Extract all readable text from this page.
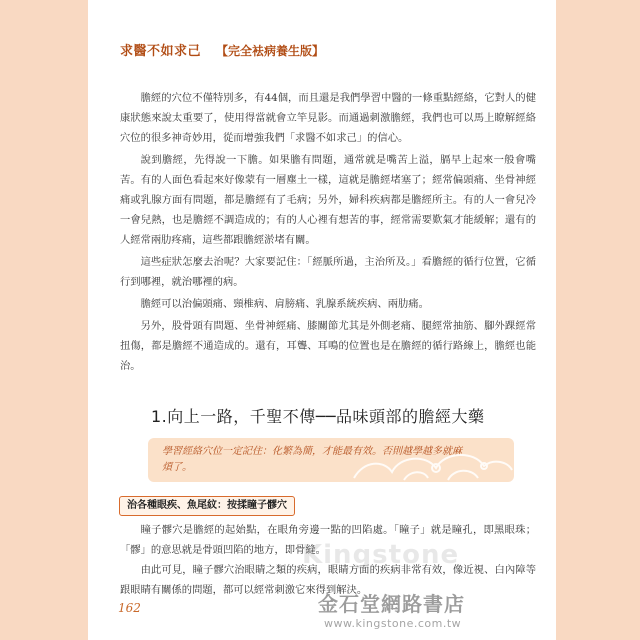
求醫不如求己 【完全袪病養生版】

膽經的穴位不僅特別多，有44個，而且還是我們學習中醫的一條重點經絡，它對人的健康狀態來說太重要了，使用得當就會立竿見影。而通過刺激膽經，我們也可以馬上瞭解經絡穴位的很多神奇妙用，從而增強我們「求醫不如求己」的信心。

說到膽經，先得說一下膽。如果膽有問題，通常就是嘴苦上溢，膈早上起來一般會嘴苦。有的人面色看起來好像蒙有一層塵土一樣，這就是膽經堵塞了；經常偏頭痛、坐骨神經痛或乳腺方面有問題，都是膽經有了毛病；另外，婦科疾病都是膽經所主。有的人一會兒冷一會兒熱，也是膽經不調造成的；有的人心裡有想苦的事，經常需要歎氣才能緩解；還有的人經常兩肋疼痛，這些都跟膽經淤堵有關。

這些症狀怎麼去治呢？大家要記住：「經脈所過，主治所及。」看膽經的循行位置，它循行到哪裡，就治哪裡的病。

膽經可以治偏頭痛、頸椎病、肩膀痛、乳腺系統疾病、兩肋痛。

另外，股骨頭有問題、坐骨神經痛、膝關節尤其是外側老痛、腿經常抽筋、腳外踝經常扭傷，都是膽經不通造成的。還有，耳聾、耳鳴的位置也是在膽經的循行路線上，膽經也能治。

1.向上一路，千聖不傳──品味頭部的膽經大藥
學習經絡穴位一定記住：化繁為簡，才能最有效。否則越學越多就麻煩了。
治各種眼疾、魚尾紋：按揉瞳子髎穴

瞳子髎穴是膽經的起始點，在眼角旁邊一點的凹陷處。「瞳子」就是瞳孔，即黑眼珠；「髎」的意思就是骨頭凹陷的地方，即骨縫。

由此可見，瞳子髎穴治眼睛之類的疾病，眼睛方面的疾病非常有效，像近視、白內障等跟眼睛有關係的問題，都可以經常刺激它來得到解決。

Kingstone
162	金石堂網路書店
www.kingstone.com.tw
